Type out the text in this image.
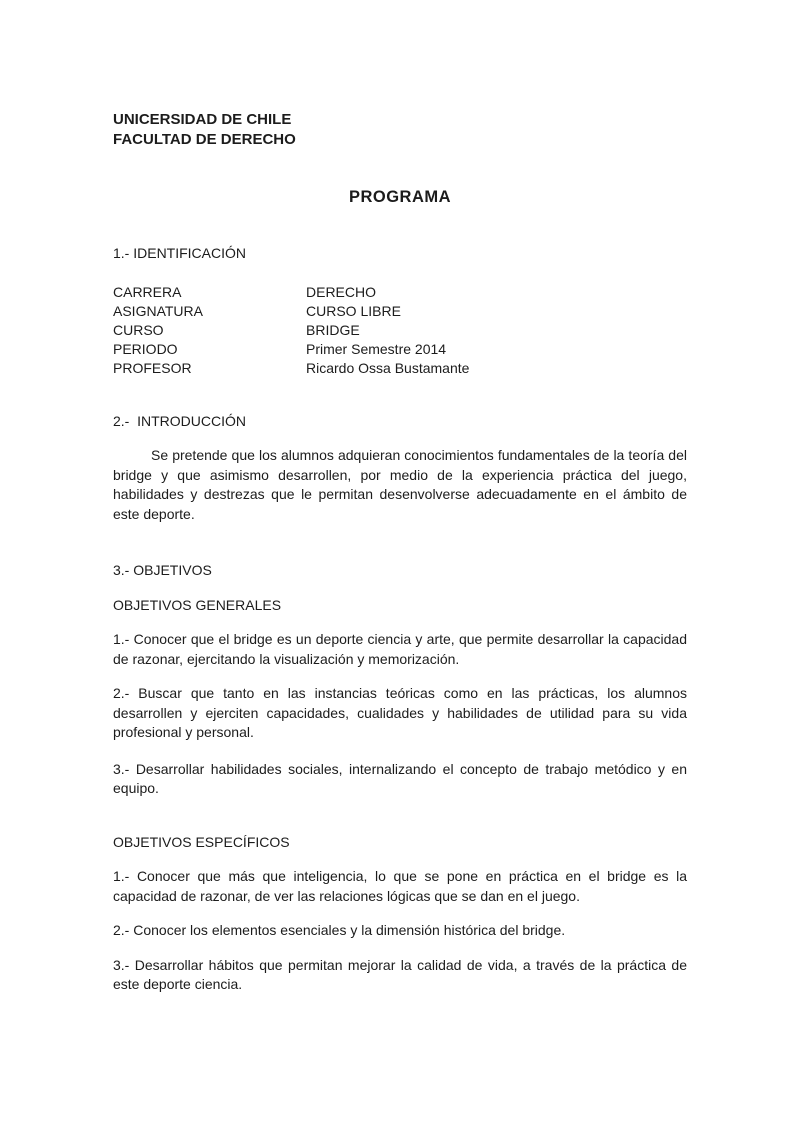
UNICERSIDAD DE CHILE
FACULTAD DE DERECHO
PROGRAMA
1.- IDENTIFICACIÓN
CARRERA	DERECHO
ASIGNATURA	CURSO LIBRE
CURSO	BRIDGE
PERIODO	Primer Semestre 2014
PROFESOR	Ricardo Ossa Bustamante
2.-  INTRODUCCIÓN

Se pretende que los alumnos adquieran conocimientos fundamentales de la teoría del bridge y que asimismo desarrollen, por medio de la experiencia práctica del juego, habilidades y destrezas que le permitan desenvolverse adecuadamente en el ámbito de este deporte.

3.- OBJETIVOS
OBJETIVOS GENERALES

1.- Conocer que el bridge es un deporte ciencia y arte, que permite desarrollar la capacidad de razonar, ejercitando la visualización y memorización.

2.- Buscar que tanto en las instancias teóricas como en las prácticas, los alumnos desarrollen y ejerciten capacidades, cualidades y habilidades de utilidad para su vida profesional y personal.

3.- Desarrollar habilidades sociales, internalizando el concepto de trabajo metódico y en equipo.

OBJETIVOS ESPECÍFICOS

1.- Conocer que más que inteligencia, lo que se pone en práctica en el bridge es la capacidad de razonar, de ver las relaciones lógicas que se dan en el juego.

2.- Conocer los elementos esenciales y la dimensión histórica del bridge.

3.- Desarrollar hábitos que permitan mejorar la calidad de vida, a través de la práctica de este deporte ciencia.
